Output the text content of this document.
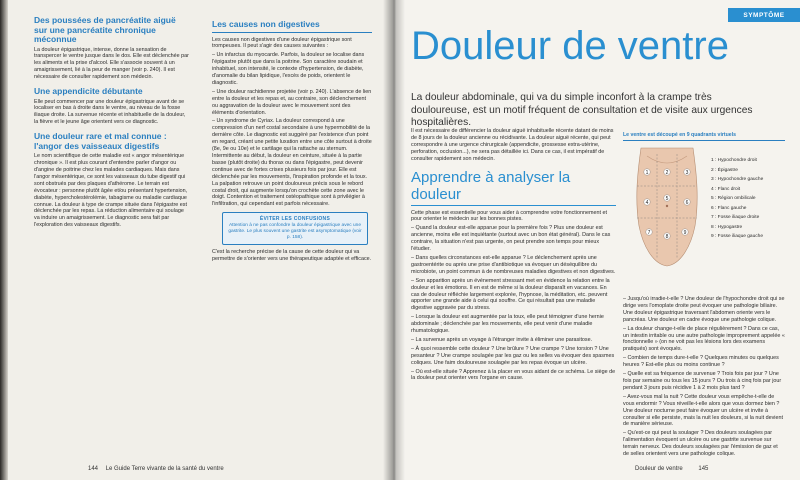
Des poussées de pancréatite aiguë sur une pancréatite chronique méconnue

La douleur épigastrique, intense, donne la sensation de transpercer le ventre jusque dans le dos. Elle est déclenchée par les aliments et la prise d'alcool. Elle s'associe souvent à un amaigrissement, lié à la peur de manger (voir p. 240). Il est nécessaire de consulter rapidement son médecin.

Une appendicite débutante

Elle peut commencer par une douleur épigastrique avant de se localiser en bas à droite dans le ventre, au niveau de la fosse iliaque droite. La survenue récente et inhabituelle de la douleur, la fièvre et le jeune âge orientent vers ce diagnostic.

Une douleur rare et mal connue : l'angor des vaisseaux digestifs

Le nom scientifique de cette maladie est « angor mésentérique chronique ». Il est plus courant d'entendre parler d'angor ou d'angine de poitrine chez les malades cardiaques. Mais dans l'angor mésentérique, ce sont les vaisseaux du tube digestif qui sont obstrués par des plaques d'athérome. Le terrain est évocateur : personne plutôt âgée et/ou présentant hypertension, diabète, hypercholestérolémie, tabagisme ou maladie cardiaque connue. La douleur à type de crampe située dans l'épigastre est déclenchée par les repas. La réduction alimentaire qui soulage va induire un amaigrissement. Le diagnostic sera fait par l'exploration des vaisseaux digestifs.

Les causes non digestives

Les causes non digestives d'une douleur épigastrique sont trompeuses. Il peut s'agir des causes suivantes :

– Un infarctus du myocarde. Parfois, la douleur se localise dans l'épigastre plutôt que dans la poitrine. Son caractère soudain et inhabituel, son intensité, le contexte d'hypertension, de diabète, d'anomalie du bilan lipidique, l'excès de poids, orientent le diagnostic.

– Une douleur rachidienne projetée (voir p. 240). L'absence de lien entre la douleur et les repas et, au contraire, son déclenchement ou aggravation de la douleur avec le mouvement sont des éléments d'orientation.

– Un syndrome de Cyriax. La douleur correspond à une compression d'un nerf costal secondaire à une hypermobilité de la dernière côte. Le diagnostic est suggéré par l'existence d'un point en regard, créant une petite luxation entre une côte surtout à droite (8e, 9e ou 10e) et le cartilage qui la rattache au sternum. Intermittente au début, la douleur en ceinture, située à la partie basse (plutôt droite) du thorax ou dans l'épigastre, peut devenir continue avec de fortes crises plusieurs fois par jour. Elle est déclenchée par les mouvements, l'inspiration profonde et la toux. La palpation retrouve un point douloureux précis sous le rebord costal droit, qui augmente lorsqu'on crochète cette zone avec le doigt. Contention et traitement ostéopathique sont à privilégier à l'infiltration, qui cependant est parfois nécessaire.

ÉVITER LES CONFUSIONS
Attention à ne pas confondre la douleur épigastrique avec une gastrite. Le plus souvent une gastrite est asymptomatique (voir p. 158).

C'est la recherche précise de la cause de cette douleur qui va permettre de s'orienter vers une thérapeutique adaptée et efficace.

144 Le Guide Terre vivante de la santé du ventre
SYMPTÔME
Douleur de ventre
La douleur abdominale, qui va du simple inconfort à la crampe très douloureuse, est un motif fréquent de consultation et de visite aux urgences hospitalières.

Il est nécessaire de différencier la douleur aiguë inhabituelle récente datant de moins de 8 jours de la douleur ancienne ou récidivante. La douleur aiguë récente, qui peut correspondre à une urgence chirurgicale (appendicite, grossesse extra-utérine, perforation, occlusion...), ne sera pas détaillée ici. Dans ce cas, il est impératif de consulter rapidement son médecin.

Apprendre à analyser la douleur

Cette phase est essentielle pour vous aider à comprendre votre fonctionnement et pour orienter le médecin sur les bonnes pistes.

– Quand la douleur est-elle apparue pour la première fois ? Plus une douleur est ancienne, moins elle est inquiétante (surtout avec un bon état général). Dans le cas contraire, la situation n'est pas urgente, on peut prendre son temps pour mieux l'étudier.

– Dans quelles circonstances est-elle apparue ? Le déclenchement après une gastroentérite ou après une prise d'antibiotique va évoquer un déséquilibre du microbiote, un point commun à de nombreuses maladies digestives et non digestives.

– Son apparition après un événement stressant met en évidence la relation entre la douleur et les émotions. Il en est de même si la douleur disparaît en vacances. En cas de douleur réfléchie largement explorée, l'hypnose, la méditation, etc. peuvent apporter une grande aide à celui qui souffre. Ce qui résultait pas une maladie digestive aggravée par du stress.

– Lorsque la douleur est augmentée par la toux, elle peut témoigner d'une hernie abdominale ; déclenchée par les mouvements, elle peut venir d'une maladie rhumatologique.

– La survenue après un voyage à l'étranger invite à éliminer une parasitose.

– À quoi ressemble cette douleur ? Une brûlure ? Une crampe ? Une torsion ? Une pesanteur ? Une crampe soulagée par les gaz ou les selles va évoquer des spasmes coliques. Une faim douloureuse soulagée par les repas évoque un ulcère.

– Où est-elle située ? Apprenez à la placer en vous aidant de ce schéma. Le siège de la douleur peut orienter vers l'organe en cause.

Le ventre est découpé en 9 quadrants virtuels
1	2	3
4
5
6
7
8
9
1 : Hypochondre droit
2 : Épigastre
3 : Hypochondre gauche
4 : Flanc droit
5 : Région ombilicale
6 : Flanc gauche
7 : Fosse iliaque droite
8 : Hypogastre
9 : Fosse iliaque gauche

– Jusqu'où irradie-t-elle ? Une douleur de l'hypochondre droit qui se dirige vers l'omoplate droite peut évoquer une pathologie biliaire. Une douleur épigastrique traversant l'abdomen oriente vers le pancréas. Une douleur en cadre évoque une pathologie colique.

– La douleur change-t-elle de place régulièrement ? Dans ce cas, un intestin irritable ou une autre pathologie improprement appelée « fonctionnelle » (on ne voit pas les lésions lors des examens pratiqués) sont évoqués.

– Combien de temps dure-t-elle ? Quelques minutes ou quelques heures ? Est-elle plus ou moins continue ?

– Quelle est sa fréquence de survenue ? Trois fois par jour ? Une fois par semaine ou tous les 15 jours ? Ou trois à cinq fois par jour pendant 3 jours puis récidive 1 à 2 mois plus tard ?

– Avez-vous mal la nuit ? Cette douleur vous empêche-t-elle de vous endormir ? Vous réveille-t-elle alors que vous dormez bien ? Une douleur nocturne peut faire évoquer un ulcère et invite à consulter si elle persiste, mais la nuit les douleurs, si la nuit devient de manière sérieuse.

– Qu'est-ce qui peut la soulager ? Des douleurs soulagées par l'alimentation évoquent un ulcère ou une gastrite survenue sur terrain nerveux. Des douleurs soulagées par l'émission de gaz et de selles orientent vers une pathologie colique.

Douleur de ventre	145
